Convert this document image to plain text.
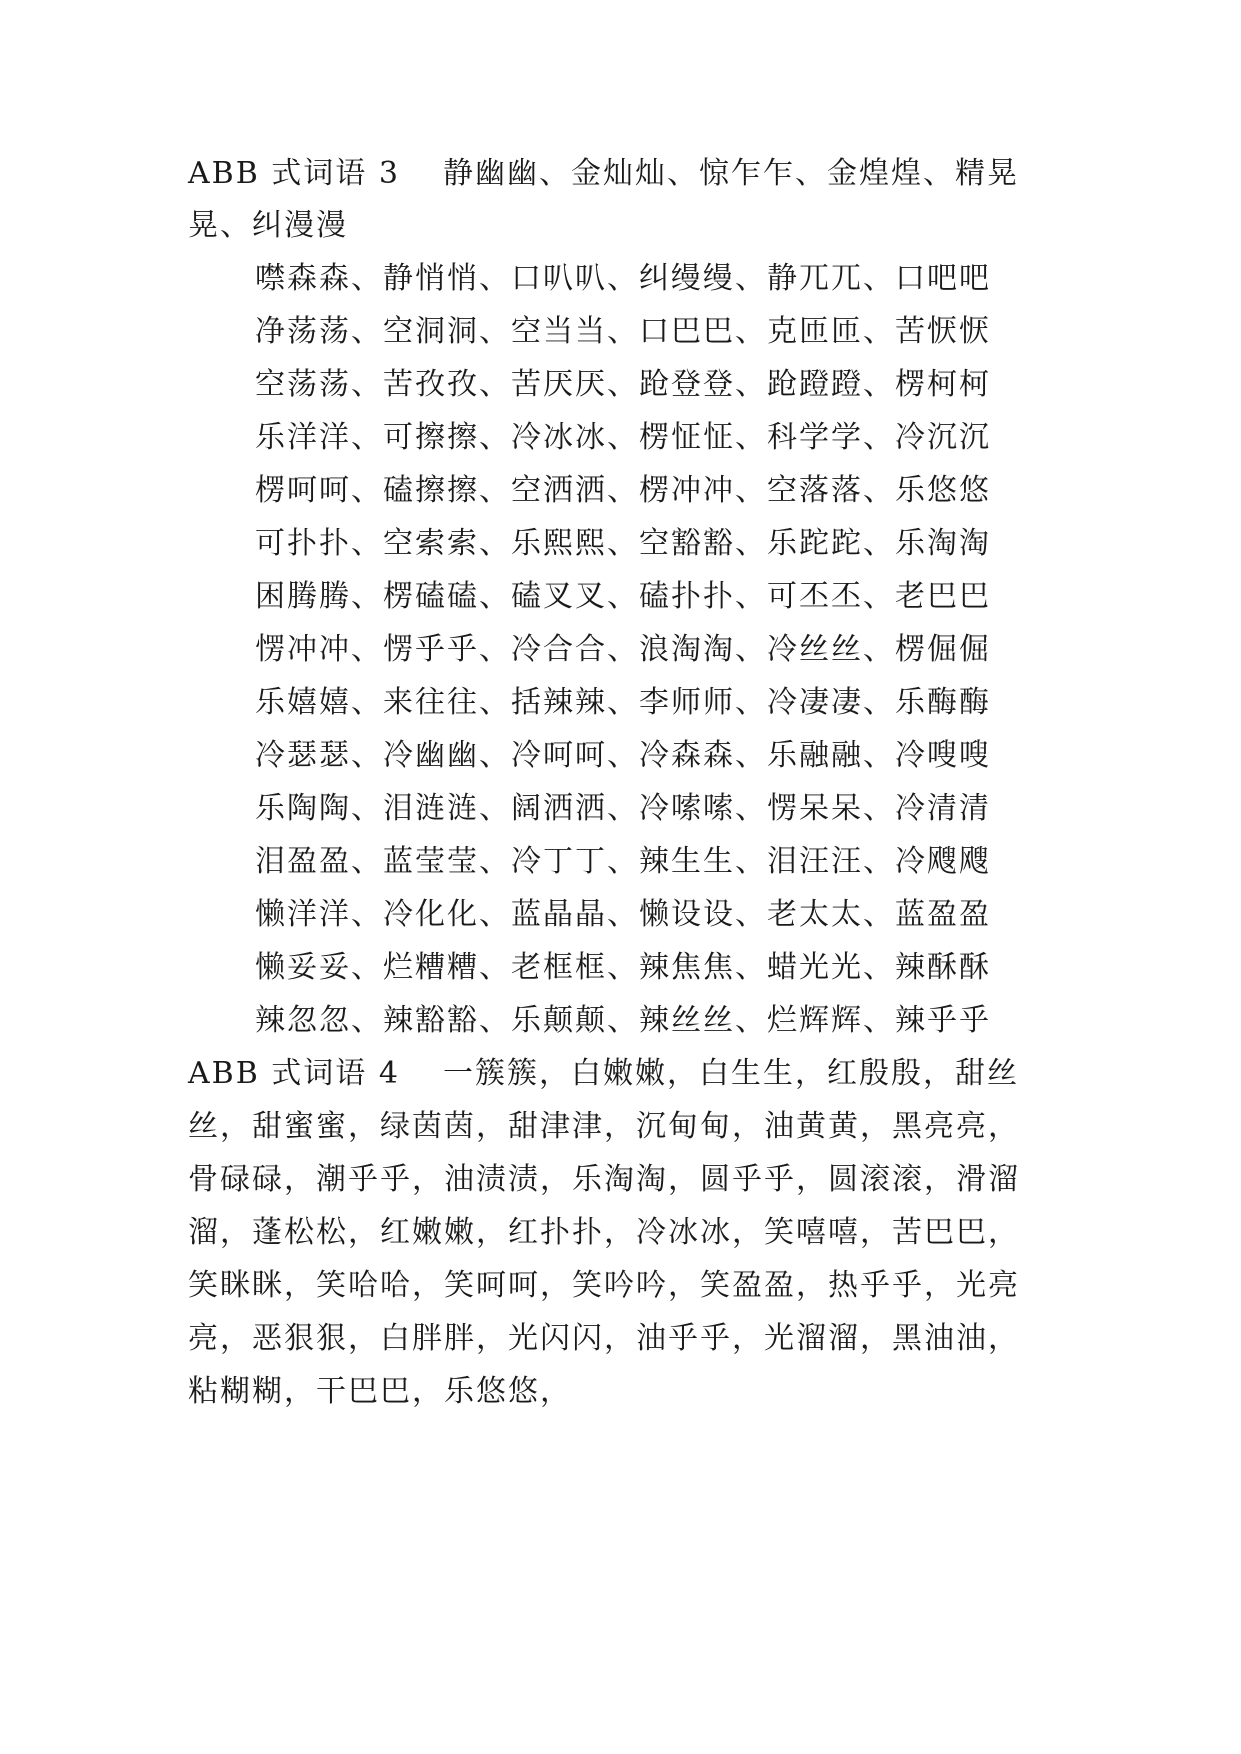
ABB 式词语 3 静幽幽、金灿灿、惊乍乍、金煌煌、精晃
晃、纠漫漫
噤森森、静悄悄、口叭叭、纠缦缦、静兀兀、口吧吧
净荡荡、空洞洞、空当当、口巴巴、克匝匝、苦恹恹
空荡荡、苦孜孜、苦厌厌、跄登登、跄蹬蹬、楞柯柯
乐洋洋、可擦擦、冷冰冰、楞怔怔、科学学、冷沉沉
楞呵呵、磕擦擦、空洒洒、楞冲冲、空落落、乐悠悠
可扑扑、空索索、乐熙熙、空豁豁、乐跎跎、乐淘淘
困腾腾、楞磕磕、磕叉叉、磕扑扑、可丕丕、老巴巴
愣冲冲、愣乎乎、冷合合、浪淘淘、冷丝丝、楞倔倔
乐嬉嬉、来往往、括辣辣、李师师、冷凄凄、乐酶酶
冷瑟瑟、冷幽幽、冷呵呵、冷森森、乐融融、冷嗖嗖
乐陶陶、泪涟涟、阔洒洒、冷嗦嗦、愣呆呆、冷清清
泪盈盈、蓝莹莹、冷丁丁、辣生生、泪汪汪、冷飕飕
懒洋洋、冷化化、蓝晶晶、懒设设、老太太、蓝盈盈
懒妥妥、烂糟糟、老框框、辣焦焦、蜡光光、辣酥酥
辣忽忽、辣豁豁、乐颠颠、辣丝丝、烂辉辉、辣乎乎
ABB 式词语 4 一簇簇，白嫩嫩，白生生，红殷殷，甜丝
丝，甜蜜蜜，绿茵茵，甜津津，沉甸甸，油黄黄，黑亮亮，
骨碌碌，潮乎乎，油渍渍，乐淘淘，圆乎乎，圆滚滚，滑溜
溜，蓬松松，红嫩嫩，红扑扑，冷冰冰，笑嘻嘻，苦巴巴，
笑眯眯，笑哈哈，笑呵呵，笑吟吟，笑盈盈，热乎乎，光亮
亮，恶狠狠，白胖胖，光闪闪，油乎乎，光溜溜，黑油油，
粘糊糊，干巴巴，乐悠悠，
